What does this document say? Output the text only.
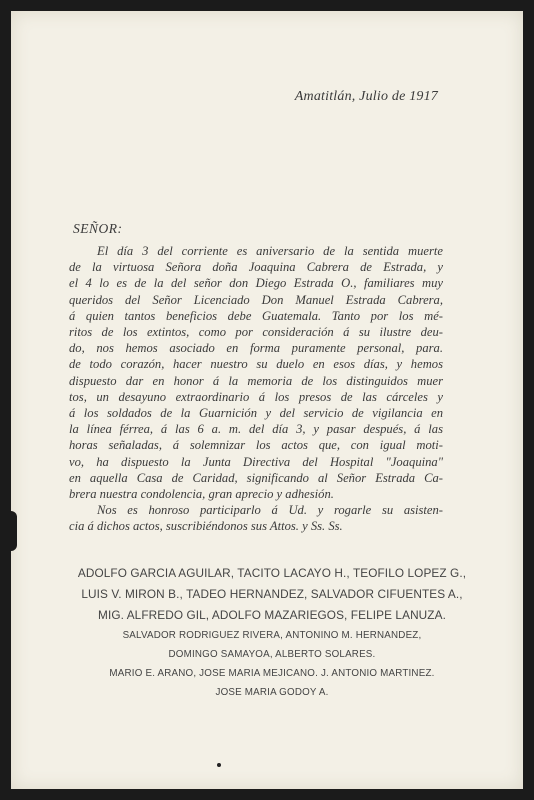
Amatitlán, Julio de 1917
SEÑOR:
El día 3 del corriente es aniversario de la sentida muerte
de la virtuosa Señora doña Joaquina Cabrera de Estrada, y
el 4 lo es de la del señor don Diego Estrada O., familiares muy
queridos del Señor Licenciado Don Manuel Estrada Cabrera,
á quien tantos beneficios debe Guatemala. Tanto por los mé-
ritos de los extintos, como por consideración á su ilustre deu-
do, nos hemos asociado en forma puramente personal, para.
de todo corazón, hacer nuestro su duelo en esos días, y hemos
dispuesto dar en honor á la memoria de los distinguidos muer
tos, un desayuno extraordinario á los presos de las cárceles y
á los soldados de la Guarnición y del servicio de vigilancia en
la línea férrea, á las 6 a. m. del día 3, y pasar después, á las
horas señaladas, á solemnizar los actos que, con igual moti-
vo, ha dispuesto la Junta Directiva del Hospital "Joaquina"
en aquella Casa de Caridad, significando al Señor Estrada Ca-
brera nuestra condolencia, gran aprecio y adhesión.
Nos es honroso participarlo á Ud. y rogarle su asisten-
cia á dichos actos, suscribiéndonos sus Attos. y Ss. Ss.
ADOLFO GARCIA AGUILAR, TACITO LACAYO H., TEOFILO LOPEZ G.,
LUIS V. MIRON B., TADEO HERNANDEZ, SALVADOR CIFUENTES A.,
MIG. ALFREDO GIL, ADOLFO MAZARIEGOS, FELIPE LANUZA.
SALVADOR RODRIGUEZ RIVERA, ANTONINO M. HERNANDEZ,
DOMINGO SAMAYOA, ALBERTO SOLARES.
MARIO E. ARANO, JOSE MARIA MEJICANO. J. ANTONIO MARTINEZ.
JOSE MARIA GODOY A.
